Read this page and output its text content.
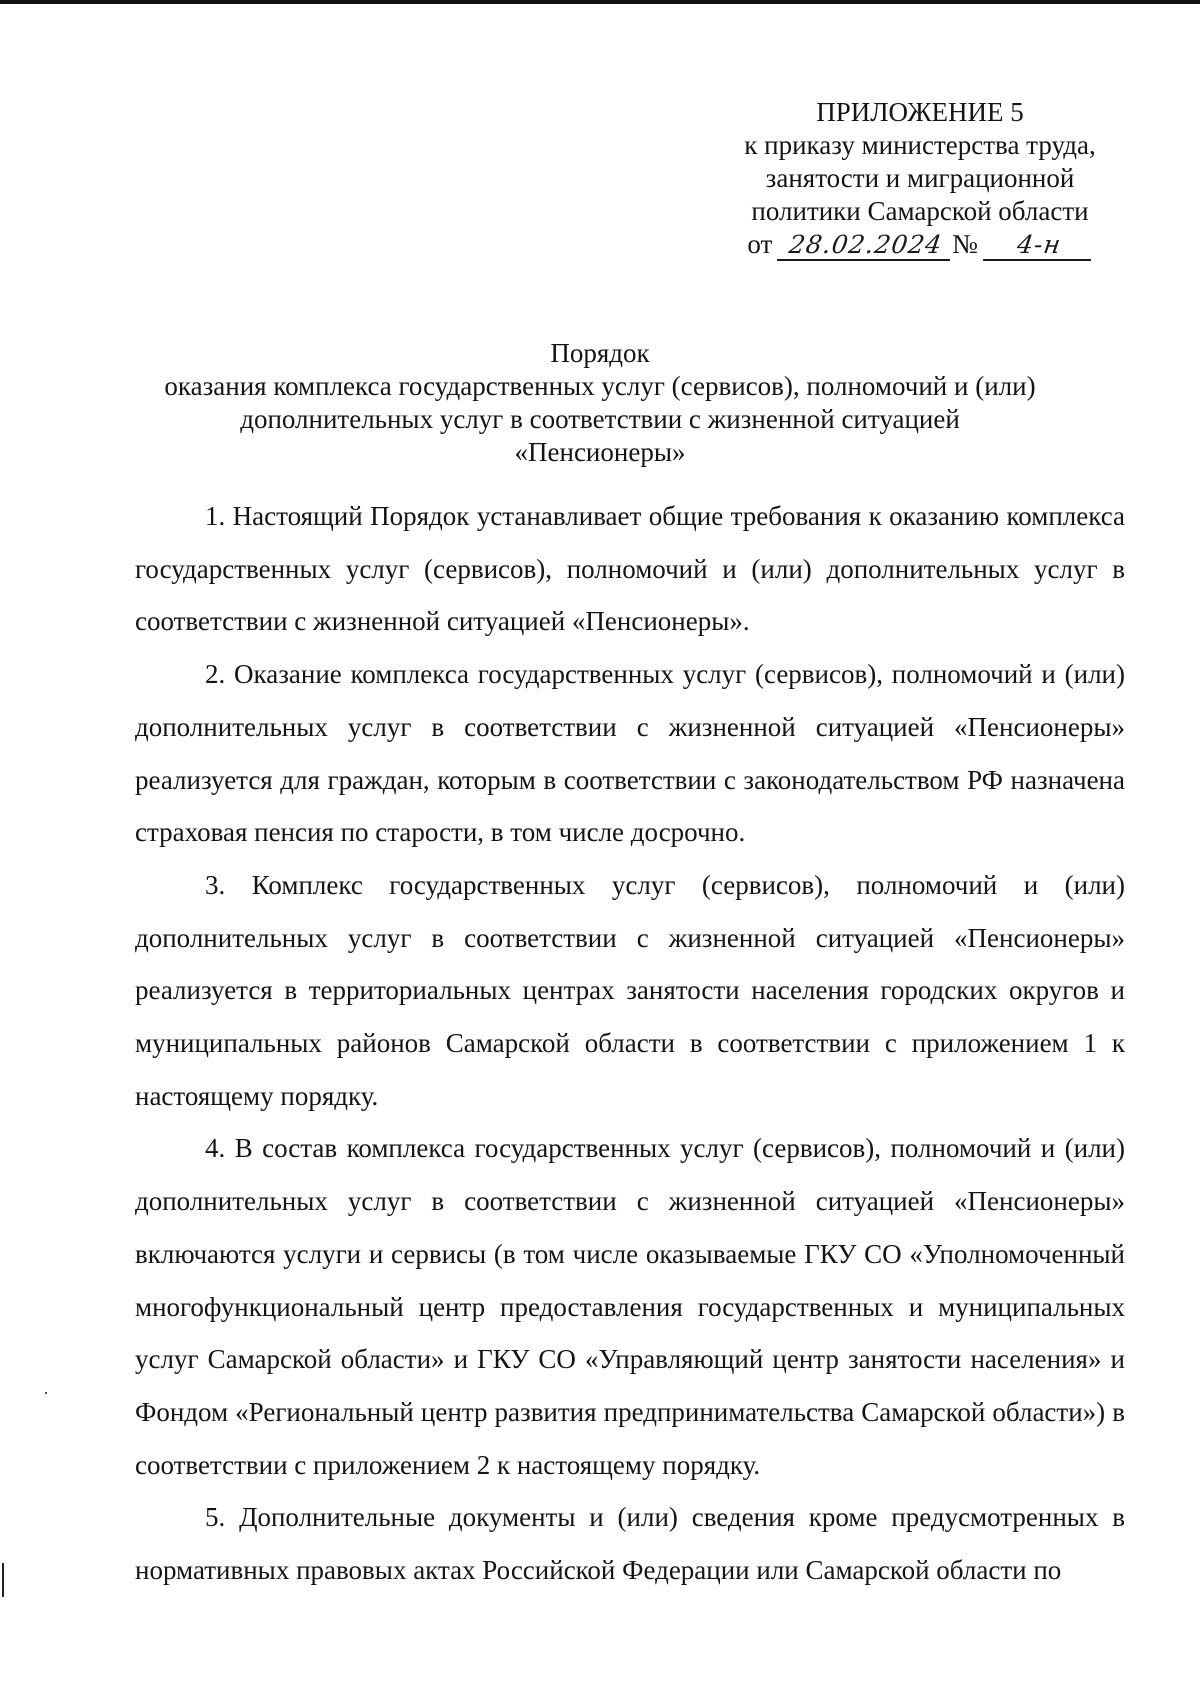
ПРИЛОЖЕНИЕ 5
к приказу министерства труда,
занятости и миграционной
политики Самарской области
от 28.02.2024 № 4-н
Порядок
оказания комплекса государственных услуг (сервисов), полномочий и (или)
дополнительных услуг в соответствии с жизненной ситуацией
«Пенсионеры»

1. Настоящий Порядок устанавливает общие требования к оказанию комплекса государственных услуг (сервисов), полномочий и (или) дополнительных услуг в соответствии с жизненной ситуацией «Пенсионеры».

2. Оказание комплекса государственных услуг (сервисов), полномочий и (или) дополнительных услуг в соответствии с жизненной ситуацией «Пенсионеры» реализуется для граждан, которым в соответствии с законодательством РФ назначена страховая пенсия по старости, в том числе досрочно.

3. Комплекс государственных услуг (сервисов), полномочий и (или) дополнительных услуг в соответствии с жизненной ситуацией «Пенсионеры» реализуется в территориальных центрах занятости населения городских округов и муниципальных районов Самарской области в соответствии с приложением 1 к настоящему порядку.

4. В состав комплекса государственных услуг (сервисов), полномочий и (или) дополнительных услуг в соответствии с жизненной ситуацией «Пенсионеры» включаются услуги и сервисы (в том числе оказываемые ГКУ СО «Уполномоченный многофункциональный центр предоставления государственных и муниципальных услуг Самарской области» и ГКУ СО «Управляющий центр занятости населения» и Фондом «Региональный центр развития предпринимательства Самарской области») в соответствии с приложением 2 к настоящему порядку.

5. Дополнительные документы и (или) сведения кроме предусмотренных в нормативных правовых актах Российской Федерации или Самарской области по
